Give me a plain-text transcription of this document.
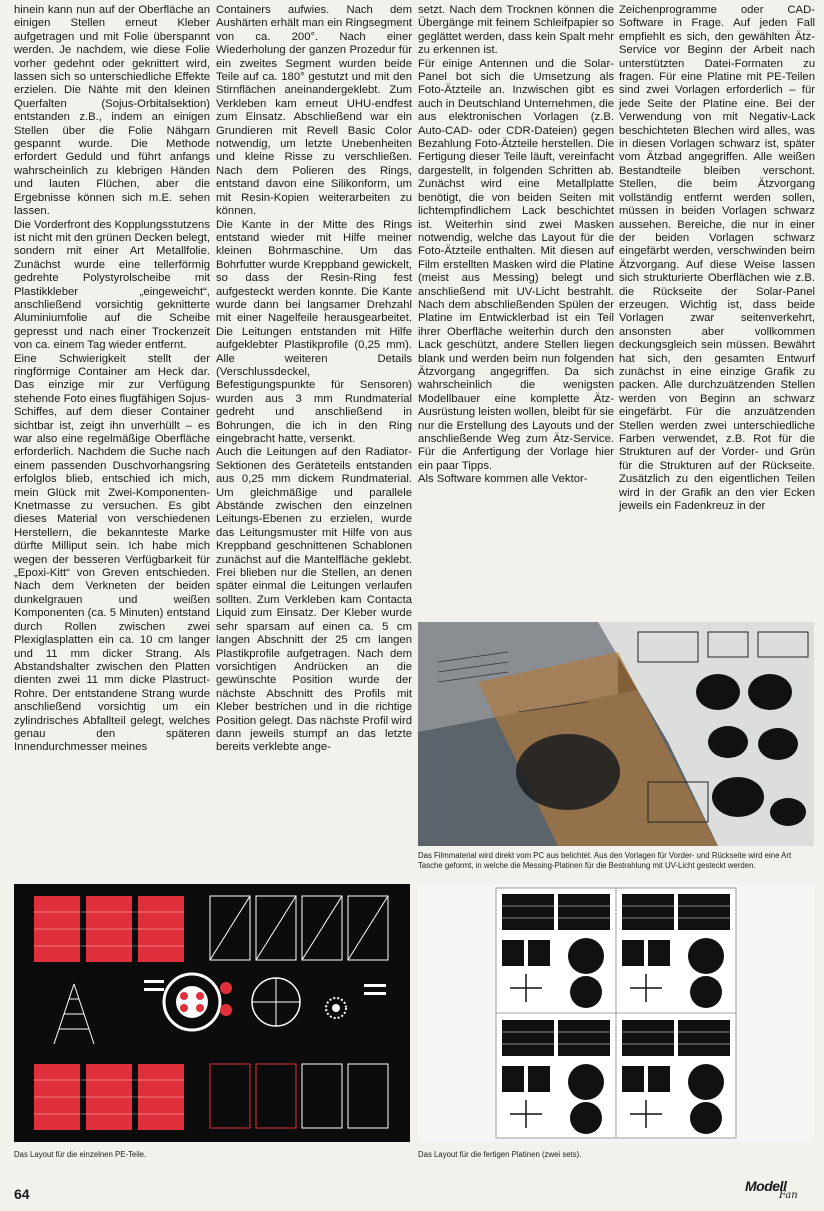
hinein kann nun auf der Oberfläche an einigen Stellen erneut Kleber aufgetragen und mit Folie überspannt werden. Je nachdem, wie diese Folie vorher gedehnt oder geknittert wird, lassen sich so unterschiedliche Effekte erzielen. Die Nähte mit den kleinen Querfalten (Sojus-Orbitalsektion) entstanden z.B., indem an einigen Stellen über die Folie Nähgarn gespannt wurde. Die Methode erfordert Geduld und führt anfangs wahrscheinlich zu klebrigen Händen und lauten Flüchen, aber die Ergebnisse können sich m.E. sehen lassen.

Die Vorderfront des Kopplungsstutzens ist nicht mit den grünen Decken belegt, sondern mit einer Art Metallfolie. Zunächst wurde eine tellerförmig gedrehte Polystyrolscheibe mit Plastikkleber „eingeweicht“, anschließend vorsichtig geknitterte Aluminiumfolie auf die Scheibe gepresst und nach einer Trockenzeit von ca. einem Tag wieder entfernt.

Eine Schwierigkeit stellt der ringförmige Container am Heck dar. Das einzige mir zur Verfügung stehende Foto eines flugfähigen Sojus-Schiffes, auf dem dieser Container sichtbar ist, zeigt ihn unverhüllt – es war also eine regelmäßige Oberfläche erforderlich. Nachdem die Suche nach einem passenden Duschvorhangsring erfolglos blieb, entschied ich mich, mein Glück mit Zwei-Komponenten-Knetmasse zu versuchen. Es gibt dieses Material von verschiedenen Herstellern, die bekannteste Marke dürfte Milliput sein. Ich habe mich wegen der besseren Verfügbarkeit für „Epoxi-Kitt“ von Greven entschieden. Nach dem Verkneten der beiden dunkelgrauen und weißen Komponenten (ca. 5 Minuten) entstand durch Rollen zwischen zwei Plexiglasplatten ein ca. 10 cm langer und 11 mm dicker Strang. Als Abstandshalter zwischen den Platten dienten zwei 11 mm dicke Plastruct-Rohre. Der entstandene Strang wurde anschließend vorsichtig um ein zylindrisches Abfallteil gelegt, welches genau den späteren Innendurchmesser meines

Containers aufwies. Nach dem Aushärten erhält man ein Ringsegment von ca. 200°. Nach einer Wiederholung der ganzen Prozedur für ein zweites Segment wurden beide Teile auf ca. 180° gestutzt und mit den Stirnflächen aneinandergeklebt. Zum Verkleben kam erneut UHU-endfest zum Einsatz. Abschließend war ein Grundieren mit Revell Basic Color notwendig, um letzte Unebenheiten und kleine Risse zu verschließen. Nach dem Polieren des Rings, entstand davon eine Silikonform, um mit Resin-Kopien weiterarbeiten zu können.

Die Kante in der Mitte des Rings entstand wieder mit Hilfe meiner kleinen Bohrmaschine. Um das Bohrfutter wurde Kreppband gewickelt, so dass der Resin-Ring fest aufgesteckt werden konnte. Die Kante wurde dann bei langsamer Drehzahl mit einer Nagelfeile herausgearbeitet. Die Leitungen entstanden mit Hilfe aufgeklebter Plastikprofile (0,25 mm). Alle weiteren Details (Verschlussdeckel, Befestigungspunkte für Sensoren) wurden aus 3 mm Rundmaterial gedreht und anschließend in Bohrungen, die ich in den Ring eingebracht hatte, versenkt.

Auch die Leitungen auf den Radiator-Sektionen des Geräteteils entstanden aus 0,25 mm dickem Rundmaterial. Um gleichmäßige und parallele Abstände zwischen den einzelnen Leitungs-Ebenen zu erzielen, wurde das Leitungsmuster mit Hilfe von aus Kreppband geschnittenen Schablonen zunächst auf die Mantelfläche geklebt. Frei blieben nur die Stellen, an denen später einmal die Leitungen verlaufen sollten. Zum Verkleben kam Contacta Liquid zum Einsatz. Der Kleber wurde sehr sparsam auf einen ca. 5 cm langen Abschnitt der 25 cm langen Plastikprofile aufgetragen. Nach dem vorsichtigen Andrücken an die gewünschte Position wurde der nächste Abschnitt des Profils mit Kleber bestrichen und in die richtige Position gelegt. Das nächste Profil wird dann jeweils stumpf an das letzte bereits verklebte ange-

setzt. Nach dem Trocknen können die Übergänge mit feinem Schleifpapier so geglättet werden, dass kein Spalt mehr zu erkennen ist.

Für einige Antennen und die Solar-Panel bot sich die Umsetzung als Foto-Ätzteile an. Inzwischen gibt es auch in Deutschland Unternehmen, die aus elektronischen Vorlagen (z.B. Auto-CAD- oder CDR-Dateien) gegen Bezahlung Foto-Ätzteile herstellen. Die Fertigung dieser Teile läuft, vereinfacht dargestellt, in folgenden Schritten ab. Zunächst wird eine Metallplatte benötigt, die von beiden Seiten mit lichtempfindlichem Lack beschichtet ist. Weiterhin sind zwei Masken notwendig, welche das Layout für die Foto-Ätzteile enthalten. Mit diesen auf Film erstellten Masken wird die Platine (meist aus Messing) belegt und anschließend mit UV-Licht bestrahlt. Nach dem abschließenden Spülen der Platine im Entwicklerbad ist ein Teil ihrer Oberfläche weiterhin durch den Lack geschützt, andere Stellen liegen blank und werden beim nun folgenden Ätzvorgang angegriffen. Da sich wahrscheinlich die wenigsten Modellbauer eine komplette Ätz-Ausrüstung leisten wollen, bleibt für sie nur die Erstellung des Layouts und der anschließende Weg zum Ätz-Service. Für die Anfertigung der Vorlage hier ein paar Tipps.

Als Software kommen alle Vektor-

Zeichenprogramme oder CAD-Software in Frage. Auf jeden Fall empfiehlt es sich, den gewählten Ätz-Service vor Beginn der Arbeit nach unterstützten Datei-Formaten zu fragen. Für eine Platine mit PE-Teilen sind zwei Vorlagen erforderlich – für jede Seite der Platine eine. Bei der Verwendung von mit Negativ-Lack beschichteten Blechen wird alles, was in diesen Vorlagen schwarz ist, später vom Ätzbad angegriffen. Alle weißen Bestandteile bleiben verschont. Stellen, die beim Ätzvorgang vollständig entfernt werden sollen, müssen in beiden Vorlagen schwarz aussehen. Bereiche, die nur in einer der beiden Vorlagen schwarz eingefärbt werden, verschwinden beim Ätzvorgang. Auf diese Weise lassen sich strukturierte Oberflächen wie z.B. die Rückseite der Solar-Panel erzeugen. Wichtig ist, dass beide Vorlagen zwar seitenverkehrt, ansonsten aber vollkommen deckungsgleich sein müssen. Bewährt hat sich, den gesamten Entwurf zunächst in eine einzige Grafik zu packen. Alle durchzuätzenden Stellen werden von Beginn an schwarz eingefärbt. Für die anzuätzenden Stellen werden zwei unterschiedliche Farben verwendet, z.B. Rot für die Strukturen auf der Vorder- und Grün für die Strukturen auf der Rückseite. Zusätzlich zu den eigentlichen Teilen wird in der Grafik an den vier Ecken jeweils ein Fadenkreuz in der

Das Filmmaterial wird direkt vom PC aus belichtet. Aus den Vorlagen für Vorder- und Rückseite wird eine Art Tasche geformt, in welche die Messing-Platinen für die Bestrahlung mit UV-Licht gesteckt werden.
Das Layout für die einzelnen PE-Teile.	Das Layout für die fertigen Platinen (zwei sets).
64	Modell
Fan
